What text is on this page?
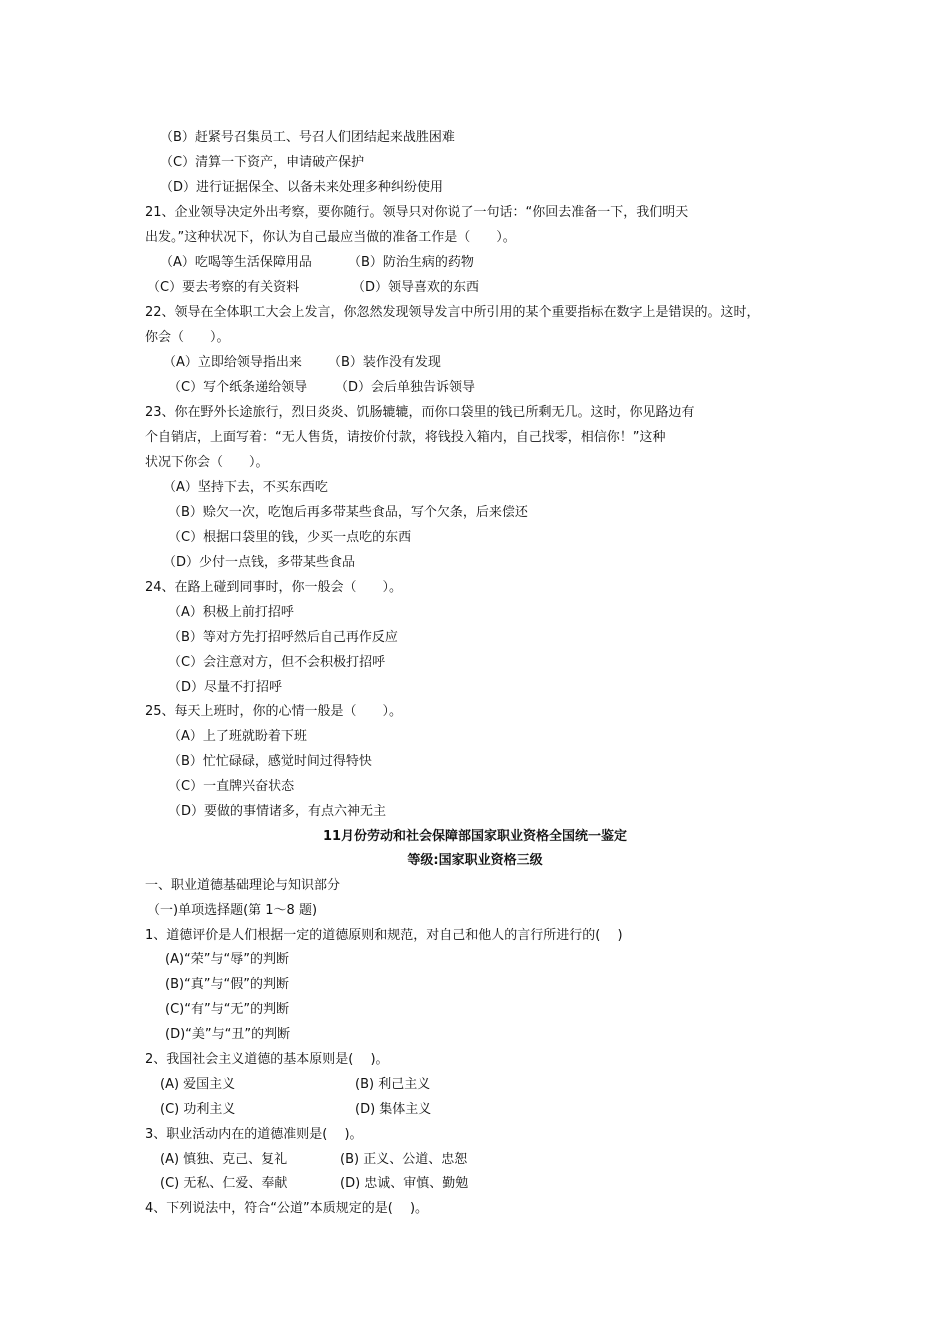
（B）赶紧号召集员工、号召人们团结起来战胜困难
（C）清算一下资产，申请破产保护
（D）进行证据保全、以备未来处理多种纠纷使用
21、企业领导决定外出考察，要你随行。领导只对你说了一句话：“你回去准备一下，我们明天
出发。”这种状况下，你认为自己最应当做的准备工作是（　　）。
（A）吃喝等生活保障用品	（B）防治生病的药物
（C）要去考察的有关资料	（D）领导喜欢的东西
22、领导在全体职工大会上发言，你忽然发现领导发言中所引用的某个重要指标在数字上是错误的。这时，
你会（　　）。
（A）立即给领导指出来 （B）装作没有发现
（C）写个纸条递给领导 （D）会后单独告诉领导
23、你在野外长途旅行，烈日炎炎、饥肠辘辘，而你口袋里的钱已所剩无几。这时，你见路边有
个自销店，上面写着：“无人售货，请按价付款，将钱投入箱内，自己找零，相信你！”这种
状况下你会（　　）。
（A）坚持下去，不买东西吃
（B）赊欠一次，吃饱后再多带某些食品，写个欠条，后来偿还
（C）根据口袋里的钱，少买一点吃的东西
（D）少付一点钱，多带某些食品
24、在路上碰到同事时，你一般会（　　）。
（A）积极上前打招呼
（B）等对方先打招呼然后自己再作反应
（C）会注意对方，但不会积极打招呼
（D）尽量不打招呼
25、每天上班时，你的心情一般是（　　）。
（A）上了班就盼着下班
（B）忙忙碌碌，感觉时间过得特快
（C）一直牌兴奋状态
（D）要做的事情诸多，有点六神无主
11月份劳动和社会保障部国家职业资格全国统一鉴定
等级:国家职业资格三级
一、职业道德基础理论与知识部分
（一)单项选择题(第 1～8 题)
1、道德评价是人们根据一定的道德原则和规范，对自己和他人的言行所进行的(　 )
(A)“荣”与“辱”的判断
(B)“真”与“假”的判断
(C)“有”与“无”的判断
(D)“美”与“丑”的判断
2、我国社会主义道德的基本原则是(　 )。
(A) 爱国主义	(B) 利己主义
(C) 功利主义	(D) 集体主义
3、职业活动内在的道德准则是(　 )。
(A) 慎独、克己、复礼	(B) 正义、公道、忠恕
(C) 无私、仁爱、奉献	(D) 忠诚、审慎、勤勉
4、下列说法中，符合“公道”本质规定的是(　 )。
